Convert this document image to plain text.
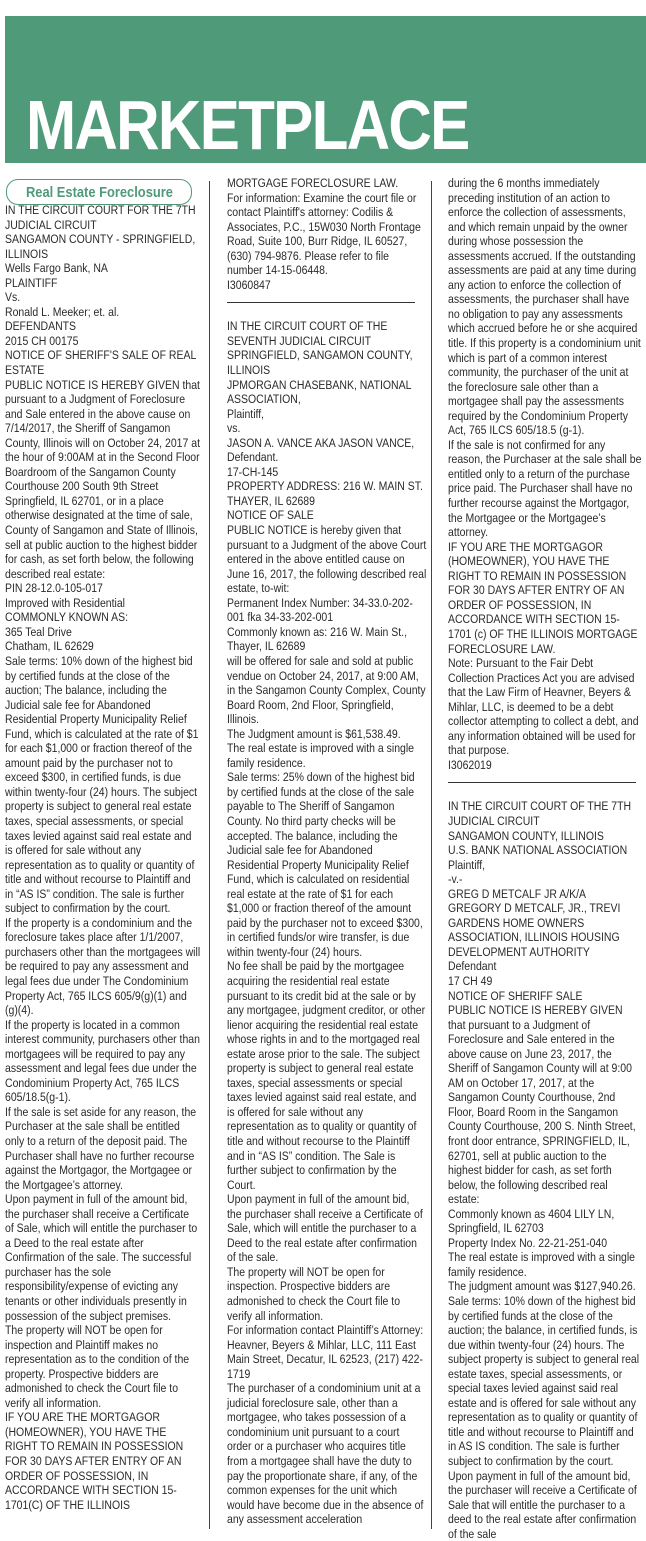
MARKETPLACE
Real Estate Foreclosure

IN THE CIRCUIT COURT FOR THE 7TH JUDICIAL CIRCUIT

SANGAMON COUNTY - SPRINGFIELD, ILLINOIS

Wells Fargo Bank, NA

PLAINTIFF

Vs.

Ronald L. Meeker; et. al.

DEFENDANTS

2015 CH 00175

NOTICE OF SHERIFF'S SALE OF REAL ESTATE

PUBLIC NOTICE IS HEREBY GIVEN that pursuant to a Judgment of Foreclosure and Sale entered in the above cause on 7/14/2017, the Sheriff of Sangamon County, Illinois will on October 24, 2017 at the hour of 9:00AM at in the Second Floor Boardroom of the Sangamon County Courthouse 200 South 9th Street Springfield, IL 62701, or in a place otherwise designated at the time of sale, County of Sangamon and State of Illinois, sell at public auction to the highest bidder for cash, as set forth below, the following described real estate:

PIN 28-12.0-105-017

Improved with Residential

COMMONLY KNOWN AS:

365 Teal Drive

Chatham, IL 62629

Sale terms: 10% down of the highest bid by certified funds at the close of the auction; The balance, including the Judicial sale fee for Abandoned Residential Property Municipality Relief Fund, which is calculated at the rate of $1 for each $1,000 or fraction thereof of the amount paid by the purchaser not to exceed $300, in certified funds, is due within twenty-four (24) hours. The subject property is subject to general real estate taxes, special assessments, or special taxes levied against said real estate and is offered for sale without any representation as to quality or quantity of title and without recourse to Plaintiff and in “AS IS” condition. The sale is further subject to confirmation by the court.

If the property is a condominium and the foreclosure takes place after 1/1/2007, purchasers other than the mortgagees will be required to pay any assessment and legal fees due under The Condominium Property Act, 765 ILCS 605/9(g)(1) and (g)(4).

If the property is located in a common interest community, purchasers other than mortgagees will be required to pay any assessment and legal fees due under the Condominium Property Act, 765 ILCS 605/18.5(g-1).

If the sale is set aside for any reason, the Purchaser at the sale shall be entitled only to a return of the deposit paid. The Purchaser shall have no further recourse against the Mortgagor, the Mortgagee or the Mortgagee’s attorney.

Upon payment in full of the amount bid, the purchaser shall receive a Certificate of Sale, which will entitle the purchaser to a Deed to the real estate after Confirmation of the sale. The successful purchaser has the sole responsibility/expense of evicting any tenants or other individuals presently in possession of the subject premises.

The property will NOT be open for inspection and Plaintiff makes no representation as to the condition of the property. Prospective bidders are admonished to check the Court file to verify all information.

IF YOU ARE THE MORTGAGOR (HOMEOWNER), YOU HAVE THE RIGHT TO REMAIN IN POSSESSION FOR 30 DAYS AFTER ENTRY OF AN ORDER OF POSSESSION, IN ACCORDANCE WITH SECTION 15-1701(C) OF THE ILLINOIS

MORTGAGE FORECLOSURE LAW.

For information: Examine the court file or contact Plaintiff's attorney: Codilis & Associates, P.C., 15W030 North Frontage Road, Suite 100, Burr Ridge, IL 60527, (630) 794-9876. Please refer to file number 14-15-06448.

I3060847

IN THE CIRCUIT COURT OF THE SEVENTH JUDICIAL CIRCUIT

SPRINGFIELD, SANGAMON COUNTY, ILLINOIS

JPMORGAN CHASEBANK, NATIONAL ASSOCIATION,

Plaintiff,

vs.

JASON A. VANCE AKA JASON VANCE,

Defendant.

17-CH-145

PROPERTY ADDRESS: 216 W. MAIN ST. THAYER, IL 62689

NOTICE OF SALE

PUBLIC NOTICE is hereby given that pursuant to a Judgment of the above Court entered in the above entitled cause on June 16, 2017, the following described real estate, to-wit:

Permanent Index Number: 34-33.0-202-001 fka 34-33-202-001

Commonly known as: 216 W. Main St., Thayer, IL 62689

will be offered for sale and sold at public vendue on October 24, 2017, at 9:00 AM, in the Sangamon County Complex, County Board Room, 2nd Floor, Springfield, Illinois.

The Judgment amount is $61,538.49.

The real estate is improved with a single family residence.

Sale terms: 25% down of the highest bid by certified funds at the close of the sale payable to The Sheriff of Sangamon County. No third party checks will be accepted. The balance, including the Judicial sale fee for Abandoned Residential Property Municipality Relief Fund, which is calculated on residential real estate at the rate of $1 for each $1,000 or fraction thereof of the amount paid by the purchaser not to exceed $300, in certified funds/or wire transfer, is due within twenty-four (24) hours.

No fee shall be paid by the mortgagee acquiring the residential real estate pursuant to its credit bid at the sale or by any mortgagee, judgment creditor, or other lienor acquiring the residential real estate whose rights in and to the mortgaged real estate arose prior to the sale. The subject property is subject to general real estate taxes, special assessments or special taxes levied against said real estate, and is offered for sale without any representation as to quality or quantity of title and without recourse to the Plaintiff and in “AS IS” condition. The Sale is further subject to confirmation by the Court.

Upon payment in full of the amount bid, the purchaser shall receive a Certificate of Sale, which will entitle the purchaser to a Deed to the real estate after confirmation of the sale.

The property will NOT be open for inspection. Prospective bidders are admonished to check the Court file to verify all information.

For information contact Plaintiff’s Attorney: Heavner, Beyers & Mihlar, LLC, 111 East Main Street, Decatur, IL 62523, (217) 422-1719

The purchaser of a condominium unit at a judicial foreclosure sale, other than a mortgagee, who takes possession of a condominium unit pursuant to a court order or a purchaser who acquires title from a mortgagee shall have the duty to pay the proportionate share, if any, of the common expenses for the unit which would have become due in the absence of any assessment acceleration

during the 6 months immediately preceding institution of an action to enforce the collection of assessments, and which remain unpaid by the owner during whose possession the assessments accrued. If the outstanding assessments are paid at any time during any action to enforce the collection of assessments, the purchaser shall have no obligation to pay any assessments which accrued before he or she acquired title. If this property is a condominium unit which is part of a common interest community, the purchaser of the unit at the foreclosure sale other than a mortgagee shall pay the assessments required by the Condominium Property Act, 765 ILCS 605/18.5 (g-1).

If the sale is not confirmed for any reason, the Purchaser at the sale shall be entitled only to a return of the purchase price paid. The Purchaser shall have no further recourse against the Mortgagor, the Mortgagee or the Mortgagee’s attorney.

IF YOU ARE THE MORTGAGOR (HOMEOWNER), YOU HAVE THE RIGHT TO REMAIN IN POSSESSION FOR 30 DAYS AFTER ENTRY OF AN ORDER OF POSSESSION, IN ACCORDANCE WITH SECTION 15-1701 (c) OF THE ILLINOIS MORTGAGE FORECLOSURE LAW.

Note: Pursuant to the Fair Debt Collection Practices Act you are advised that the Law Firm of Heavner, Beyers & Mihlar, LLC, is deemed to be a debt collector attempting to collect a debt, and any information obtained will be used for that purpose.

I3062019

IN THE CIRCUIT COURT OF THE 7TH JUDICIAL CIRCUIT

SANGAMON COUNTY, ILLINOIS

U.S. BANK NATIONAL ASSOCIATION

Plaintiff,

-v.-

GREG D METCALF JR A/K/A GREGORY D METCALF, JR., TREVI GARDENS HOME OWNERS ASSOCIATION, ILLINOIS HOUSING DEVELOPMENT AUTHORITY

Defendant

17 CH 49

NOTICE OF SHERIFF SALE

PUBLIC NOTICE IS HEREBY GIVEN that pursuant to a Judgment of Foreclosure and Sale entered in the above cause on June 23, 2017, the Sheriff of Sangamon County will at 9:00 AM on October 17, 2017, at the Sangamon County Courthouse, 2nd Floor, Board Room in the Sangamon County Courthouse, 200 S. Ninth Street, front door entrance, SPRINGFIELD, IL, 62701, sell at public auction to the highest bidder for cash, as set forth below, the following described real estate:

Commonly known as 4604 LILY LN, Springfield, IL 62703

Property Index No. 22-21-251-040

The real estate is improved with a single family residence.

The judgment amount was $127,940.26.

Sale terms: 10% down of the highest bid by certified funds at the close of the auction; the balance, in certified funds, is due within twenty-four (24) hours. The subject property is subject to general real estate taxes, special assessments, or special taxes levied against said real estate and is offered for sale without any representation as to quality or quantity of title and without recourse to Plaintiff and in AS IS condition. The sale is further subject to confirmation by the court.

Upon payment in full of the amount bid, the purchaser will receive a Certificate of Sale that will entitle the purchaser to a deed to the real estate after confirmation of the sale
